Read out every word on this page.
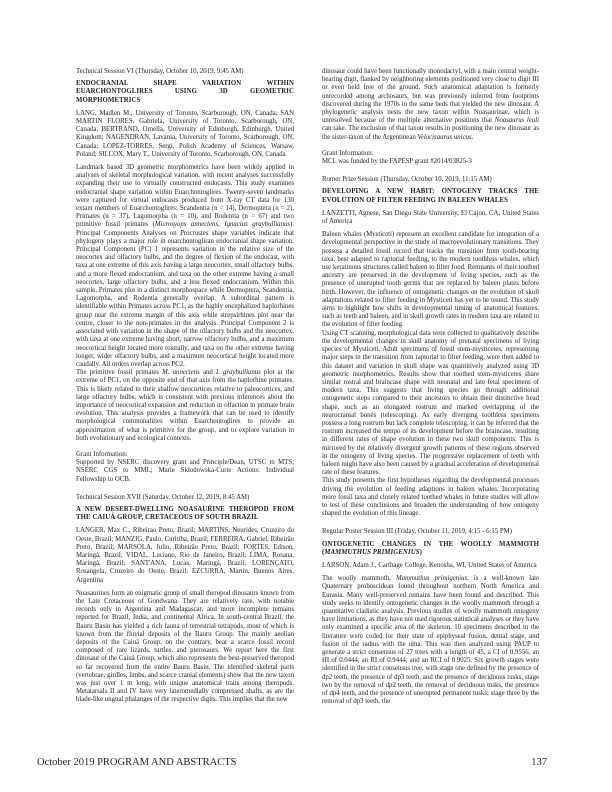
Technical Session VI (Thursday, October 10, 2019, 9:45 AM)

ENDOCRANIAL SHAPE VARIATION WITHIN EUARCHONTOGLIRES USING 3D GEOMETRIC MORPHOMETRICS

LANG, Madlen M., University of Toronto, Scarborough, ON, Canada; SAN MARTIN FLORES, Gabriela, University of Toronto, Scarborough, ON, Canada; BERTRAND, Ornella, University of Edinburgh, Edinburgh, United Kingdom; NAGENDRAN, Lavania, University of Toronto, Scarborough, ON, Canada; LOPEZ-TORRES, Sergi, Polish Academy of Sciences, Warsaw, Poland; SILCOX, Mary T., University of Toronto, Scarborough, ON, Canada

Landmark based 3D geometric morphometrics have been widely applied in analyses of skeletal morphological variation, with recent analyses successfully expanding their use to virtually constructed endocasts. This study examines endocranial shape variation within Euarchontoglires. Twenty-seven landmarks were captured for virtual endocasts produced from X-ray CT data for 130 extant members of Euarchontoglires: Scandentia (n = 14), Dermoptera (n = 2), Primates (n = 37), Lagomorpha (n = 10), and Rodentia (n = 67) and two primitive fossil primates (Microsyops annectens, Ignacius graybullianus). Principal Components Analyses on Procrustes shape variables indicate that phylogeny plays a major role in euarchontogliran endocranial shape variation. Principal Component (PC) 1 represents variation in the relative size of the neocortex and olfactory bulbs, and the degree of flexion of the endocast, with taxa at one extreme of this axis having a large neocortex, small olfactory bulbs, and a more flexed endocranium, and taxa on the other extreme having a small neocortex, large olfactory bulbs, and a less flexed endocranium. Within this sample, Primates plot in a distinct morphospace while Dermoptera, Scandentia, Lagomorpha, and Rodentia generally overlap. A subordinal pattern is identifiable within Primates across PC1, as the highly encephalized haplorhines group near the extreme margin of this axis while strepsirhines plot near the centre, closer to the non-primates in the analysis. Principal Component 2 is associated with variation in the shape of the olfactory bulbs and the neocortex, with taxa at one extreme having short, narrow olfactory bulbs, and a maximum neocortical height located more rostrally, and taxa on the other extreme having longer, wider olfactory bulbs, and a maximum neocortical height located more caudally. All orders overlap across PC2.

The primitive fossil primates M. annectens and I. graybullianus plot at the extreme of PC1, on the opposite end of that axis from the haplorhine primates. This is likely related to their shallow neocortices relative to paleocortices, and large olfactory bulbs, which is consistent with previous inferences about the importance of neocortical expansion and reduction in olfaction in primate brain evolution. This analysis provides a framework that can be used to identify morphological commonalities within Euarchontoglires to provide an approximation of what is primitive for the group, and to explore variation in both evolutionary and ecological contexts.

Grant Information:

Supported by NSERC discovery grant and Principle/Dean, UTSC to MTS; NSERC CGS to MML; Marie Skłodowska-Curie Actions: Individual Fellowship to OCB.

Technical Session XVII (Saturday, October 12, 2019, 8:45 AM)

A NEW DESERT-DWELLING NOASAURINE THEROPOD FROM THE CAIUÁ GROUP, CRETACEOUS OF SOUTH BRAZIL

LANGER, Max C., Ribeirao Preto, Brazil; MARTINS, Neurides, Cruzeiro do Oeste, Brazil; MANZIG, Paulo, Curitiba, Brazil; FERREIRA, Gabriel, Ribeirão Preto, Brazil; MARSOLA, Julio, Ribeirão Preto, Brazil; FORTES, Edison, Maringá, Brazil; VIDAL, Luciano, Rio de Janeiro, Brazil; LIMA, Rosana, Maringá, Brazil; SANT'ANA, Lucas, Maringá, Brazil; LORENÇATO, Rosangela, Cruzeiro do Oeste, Brazil; EZCURRA, Martin, Buenos Aires, Argentina

Noasaurines form an enigmatic group of small theropod dinosaurs known from the Late Cretaceous of Gondwana. They are relatively rare, with notable records only in Argentina and Madagascar, and more incomplete remains reported for Brazil, India, and continental Africa. In south-central Brazil, the Bauru Basin has yielded a rich fauna of terrestrial tetrapods, most of which is known from the fluvial deposits of the Bauru Group. The mainly aeolian deposits of the Caiuá Group, on the contrary, bear a scarce fossil record composed of rare lizards, turtles, and pterosaurs. We report here the first dinosaur of the Caiuá Group, which also represents the best-preserved theropod so far recovered from the entire Bauru Basin. The identified skeletal parts (vertebrae, girdles, limbs, and scarce cranial elements) show that the new taxon was just over 1 m long, with unique anatomical traits among theropods. Metatarsals II and IV have very lateromedially compressed shafts, as are the blade-like ungual phalanges of the respective digits. This implies that the new

dinosaur could have been functionally monodactyl, with a main central weight-bearing digit, flanked by neighboring elements positioned very close to digit III or even held free of the ground. Such anatomical adaptation is formerly unrecorded among archosaurs, but was previously inferred from footprints discovered during the 1970s in the same beds that yielded the new dinosaur. A phylogenetic analysis nests the new taxon within Noasaurinae, which is unresolved because of the multiple alternative positions that Noasaurus leali can take. The exclusion of that taxon results in positioning the new dinosaur as the sister-taxon of the Argentinean Velocisaurus unicus.

Grant Information:

MCL was funded by the FAPESP grant #2014/03825-3

Romer Prize Session (Thursday, October 10, 2019, 11:15 AM)

DEVELOPING A NEW HABIT: ONTOGENY TRACKS THE EVOLUTION OF FILTER FEEDING IN BALEEN WHALES

LANZETTI, Agnese, San Diego State University, El Cajon, CA, United States of America

Baleen whales (Mysticeti) represent an excellent candidate for integration of a developmental perspective in the study of macroevolutionary transitions. They possess a detailed fossil record that tracks the transition from tooth-bearing taxa, best adapted to raptorial feeding, to the modern toothless whales, which use keratinous structures called baleen to filter food. Remnants of their toothed ancestry are preserved in the development of living species, such as the presence of unerupted tooth germs that are replaced by baleen plates before birth. However, the influence of ontogenetic changes on the evolution of skull adaptations related to filter feeding in Mysticeti has yet to be tested. This study aims to highlight how shifts in developmental timing of anatomical features, such as teeth and baleen, and in skull growth rates in modern taxa are related to the evolution of filter feeding.

Using CT scanning, morphological data were collected to qualitatively describe the developmental changes in skull anatomy of prenatal specimens of living species of Mysticeti. Adult specimens of fossil stem-mysticetes, representing major steps in the transition from raptorial to filter feeding, were then added to this dataset and variation in skull shape was quantitively analyzed using 3D geometric morphometrics. Results show that toothed stem-mysticetes share similar rostral and braincase shape with neonatal and late fetal specimens of modern taxa. This suggests that living species go through additional ontogenetic steps compared to their ancestors to obtain their distinctive head shape, such as an elongated rostrum and marked overlapping of the neurocranial bones (telescoping). As early diverging toothless specimens possess a long rostrum but lack complete telescoping, it can be inferred that the rostrum increased the tempo of its development before the braincase, resulting in different rates of shape evolution in these two skull components. This is mirrored by the relatively divergent growth patterns of these regions observed in the ontogeny of living species. The progressive replacement of teeth with baleen might have also been caused by a gradual acceleration of developmental rate of these features.

This study presents the first hypotheses regarding the developmental processes driving the evolution of feeding adaptions in baleen whales. Incorporating more fossil taxa and closely related toothed whales in future studies will allow to test of these conclusions and broaden the understanding of how ontogeny shaped the evolution of this lineage.

Regular Poster Session III (Friday, October 11, 2019, 4:15 - 6:15 PM)

ONTOGENETIC CHANGES IN THE WOOLLY MAMMOTH (MAMMUTHUS PRIMIGENIUS)

LARSON, Adam J., Carthage College, Kenosha, WI, United States of America

The woolly mammoth, Mammuthus primigenius, is a well-known late Quaternary proboscidean found throughout northern North America and Eurasia. Many well-preserved remains have been found and described. This study seeks to identify ontogenetic changes in the woolly mammoth through a quantitative cladistic analysis. Previous studies of woolly mammoth ontogeny have limitations, as they have not used rigorous statistical analyses or they have only examined a specific area of the skeleton. 10 specimens described in the literature were coded for their state of epiphyseal fusion, dental stage, and fusion of the radius with the ulna. This was then analyzed using PAUP to generate a strict consensus of 27 trees with a length of 45, a CI of 0.9556, an HI of 0.0444, an RI of 0.9444, and an RCI of 0.9025. Six growth stages were identified in the strict consensus tree, with stage one defined by the presence of dp2 teeth, the presence of dp3 teeth, and the presence of deciduous tusks; stage two by the removal of dp2 teeth, the removal of deciduous tusks, the presence of dp4 teeth, and the presence of unerupted permanent tusks; stage three by the removal of dp3 teeth, the

October 2019 PROGRAM AND ABSTRACTS	137
